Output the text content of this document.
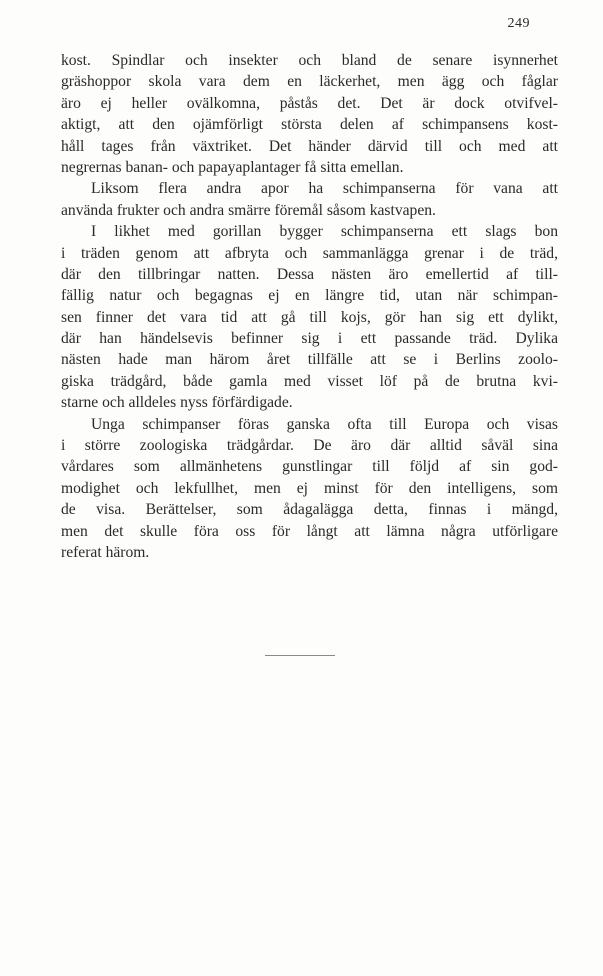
249
kost. Spindlar och insekter och bland de senare isynnerhet
gräshoppor skola vara dem en läckerhet, men ägg och fåglar
äro ej heller ovälkomna, påstås det. Det är dock otvifvel-
aktigt, att den ojämförligt största delen af schimpansens kost-
håll tages från växtriket. Det händer därvid till och med att
negrernas banan- och papayaplantager få sitta emellan.
Liksom flera andra apor ha schimpanserna för vana att
använda frukter och andra smärre föremål såsom kastvapen.
I likhet med gorillan bygger schimpanserna ett slags bon
i träden genom att afbryta och sammanlägga grenar i de träd,
där den tillbringar natten. Dessa nästen äro emellertid af till-
fällig natur och begagnas ej en längre tid, utan när schimpan-
sen finner det vara tid att gå till kojs, gör han sig ett dylikt,
där han händelsevis befinner sig i ett passande träd. Dylika
nästen hade man härom året tillfälle att se i Berlins zoolo-
giska trädgård, både gamla med visset löf på de brutna kvi-
starne och alldeles nyss förfärdigade.
Unga schimpanser föras ganska ofta till Europa och visas
i större zoologiska trädgårdar. De äro där alltid såväl sina
vårdares som allmänhetens gunstlingar till följd af sin god-
modighet och lekfullhet, men ej minst för den intelligens, som
de visa. Berättelser, som ådagalägga detta, finnas i mängd,
men det skulle föra oss för långt att lämna några utförligare
referat härom.
